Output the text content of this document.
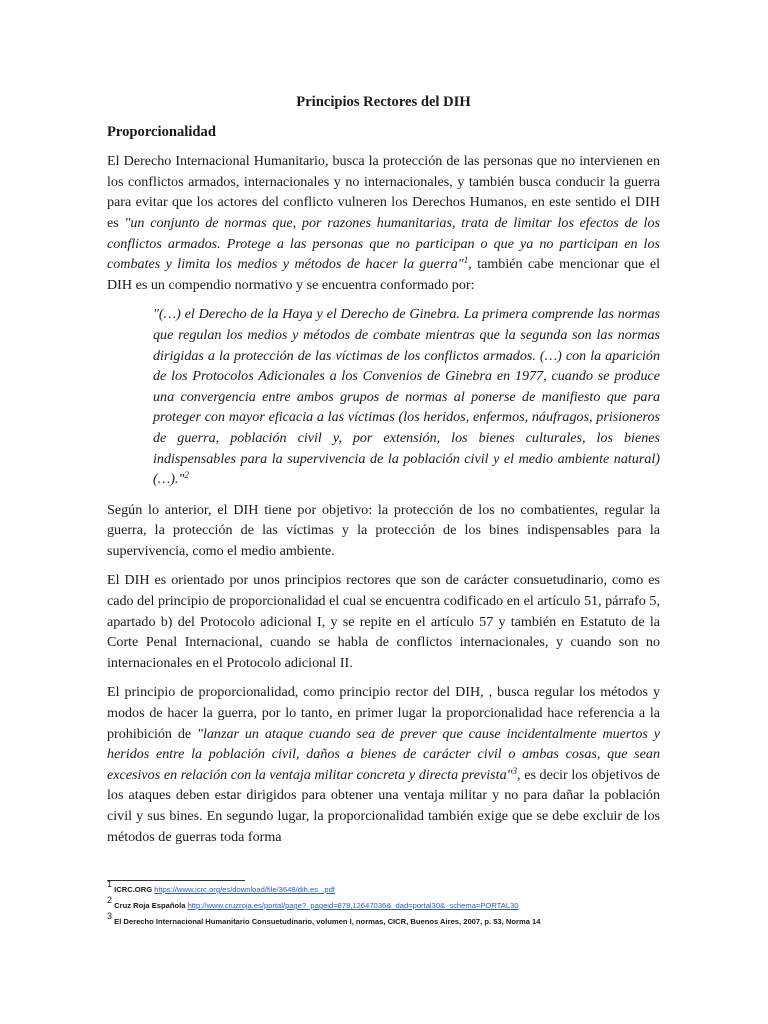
Principios Rectores del DIH
Proporcionalidad

El Derecho Internacional Humanitario, busca la protección de las personas que no intervienen en los conflictos armados, internacionales y no internacionales, y también busca conducir la guerra para evitar que los actores del conflicto vulneren los Derechos Humanos, en este sentido el DIH es "un conjunto de normas que, por razones humanitarias, trata de limitar los efectos de los conflictos armados. Protege a las personas que no participan o que ya no participan en los combates y limita los medios y métodos de hacer la guerra"$^1$, también cabe mencionar que el DIH es un compendio normativo y se encuentra conformado por:

"(…) el Derecho de la Haya y el Derecho de Ginebra. La primera comprende las normas que regulan los medios y métodos de combate mientras que la segunda son las normas dirigidas a la protección de las víctimas de los conflictos armados. (…) con la aparición de los Protocolos Adicionales a los Convenios de Ginebra en 1977, cuando se produce una convergencia entre ambos grupos de normas al ponerse de manifiesto que para proteger con mayor eficacia a las víctimas (los heridos, enfermos, náufragos, prisioneros de guerra, población civil y, por extensión, los bienes culturales, los bienes indispensables para la supervivencia de la población civil y el medio ambiente natural) (…)."$^2$

Según lo anterior, el DIH tiene por objetivo: la protección de los no combatientes, regular la guerra, la protección de las víctimas y la protección de los bines indispensables para la supervivencia, como el medio ambiente.

El DIH es orientado por unos principios rectores que son de carácter consuetudinario, como es cado del principio de proporcionalidad el cual se encuentra codificado en el artículo 51, párrafo 5, apartado b) del Protocolo adicional I, y se repite en el artículo 57 y también en Estatuto de la Corte Penal Internacional, cuando se habla de conflictos internacionales, y cuando son no internacionales en el Protocolo adicional II.

El principio de proporcionalidad, como principio rector del DIH, , busca regular los métodos y modos de hacer la guerra, por lo tanto, en primer lugar la proporcionalidad hace referencia a la prohibición de "lanzar un ataque cuando sea de prever que cause incidentalmente muertos y heridos entre la población civil, daños a bienes de carácter civil o ambas cosas, que sean excesivos en relación con la ventaja militar concreta y directa prevista"$^3$, es decir los objetivos de los ataques deben estar dirigidos para obtener una ventaja militar y no para dañar la población civil y sus bines. En segundo lugar, la proporcionalidad también exige que se debe excluir de los métodos de guerras toda forma

$^1$ ICRC.ORG https://www.icrc.org/es/download/file/3648/dih.es_.pdf
$^2$ Cruz Roja Española http://www.cruzroja.es/portal/page?_pageid=878,12647036&_dad=portal30&_schema=PORTAL30
$^3$ El Derecho Internacional Humanitario Consuetudinario, volumen I, normas, CICR, Buenos Aires, 2007, p. 53, Norma 14
